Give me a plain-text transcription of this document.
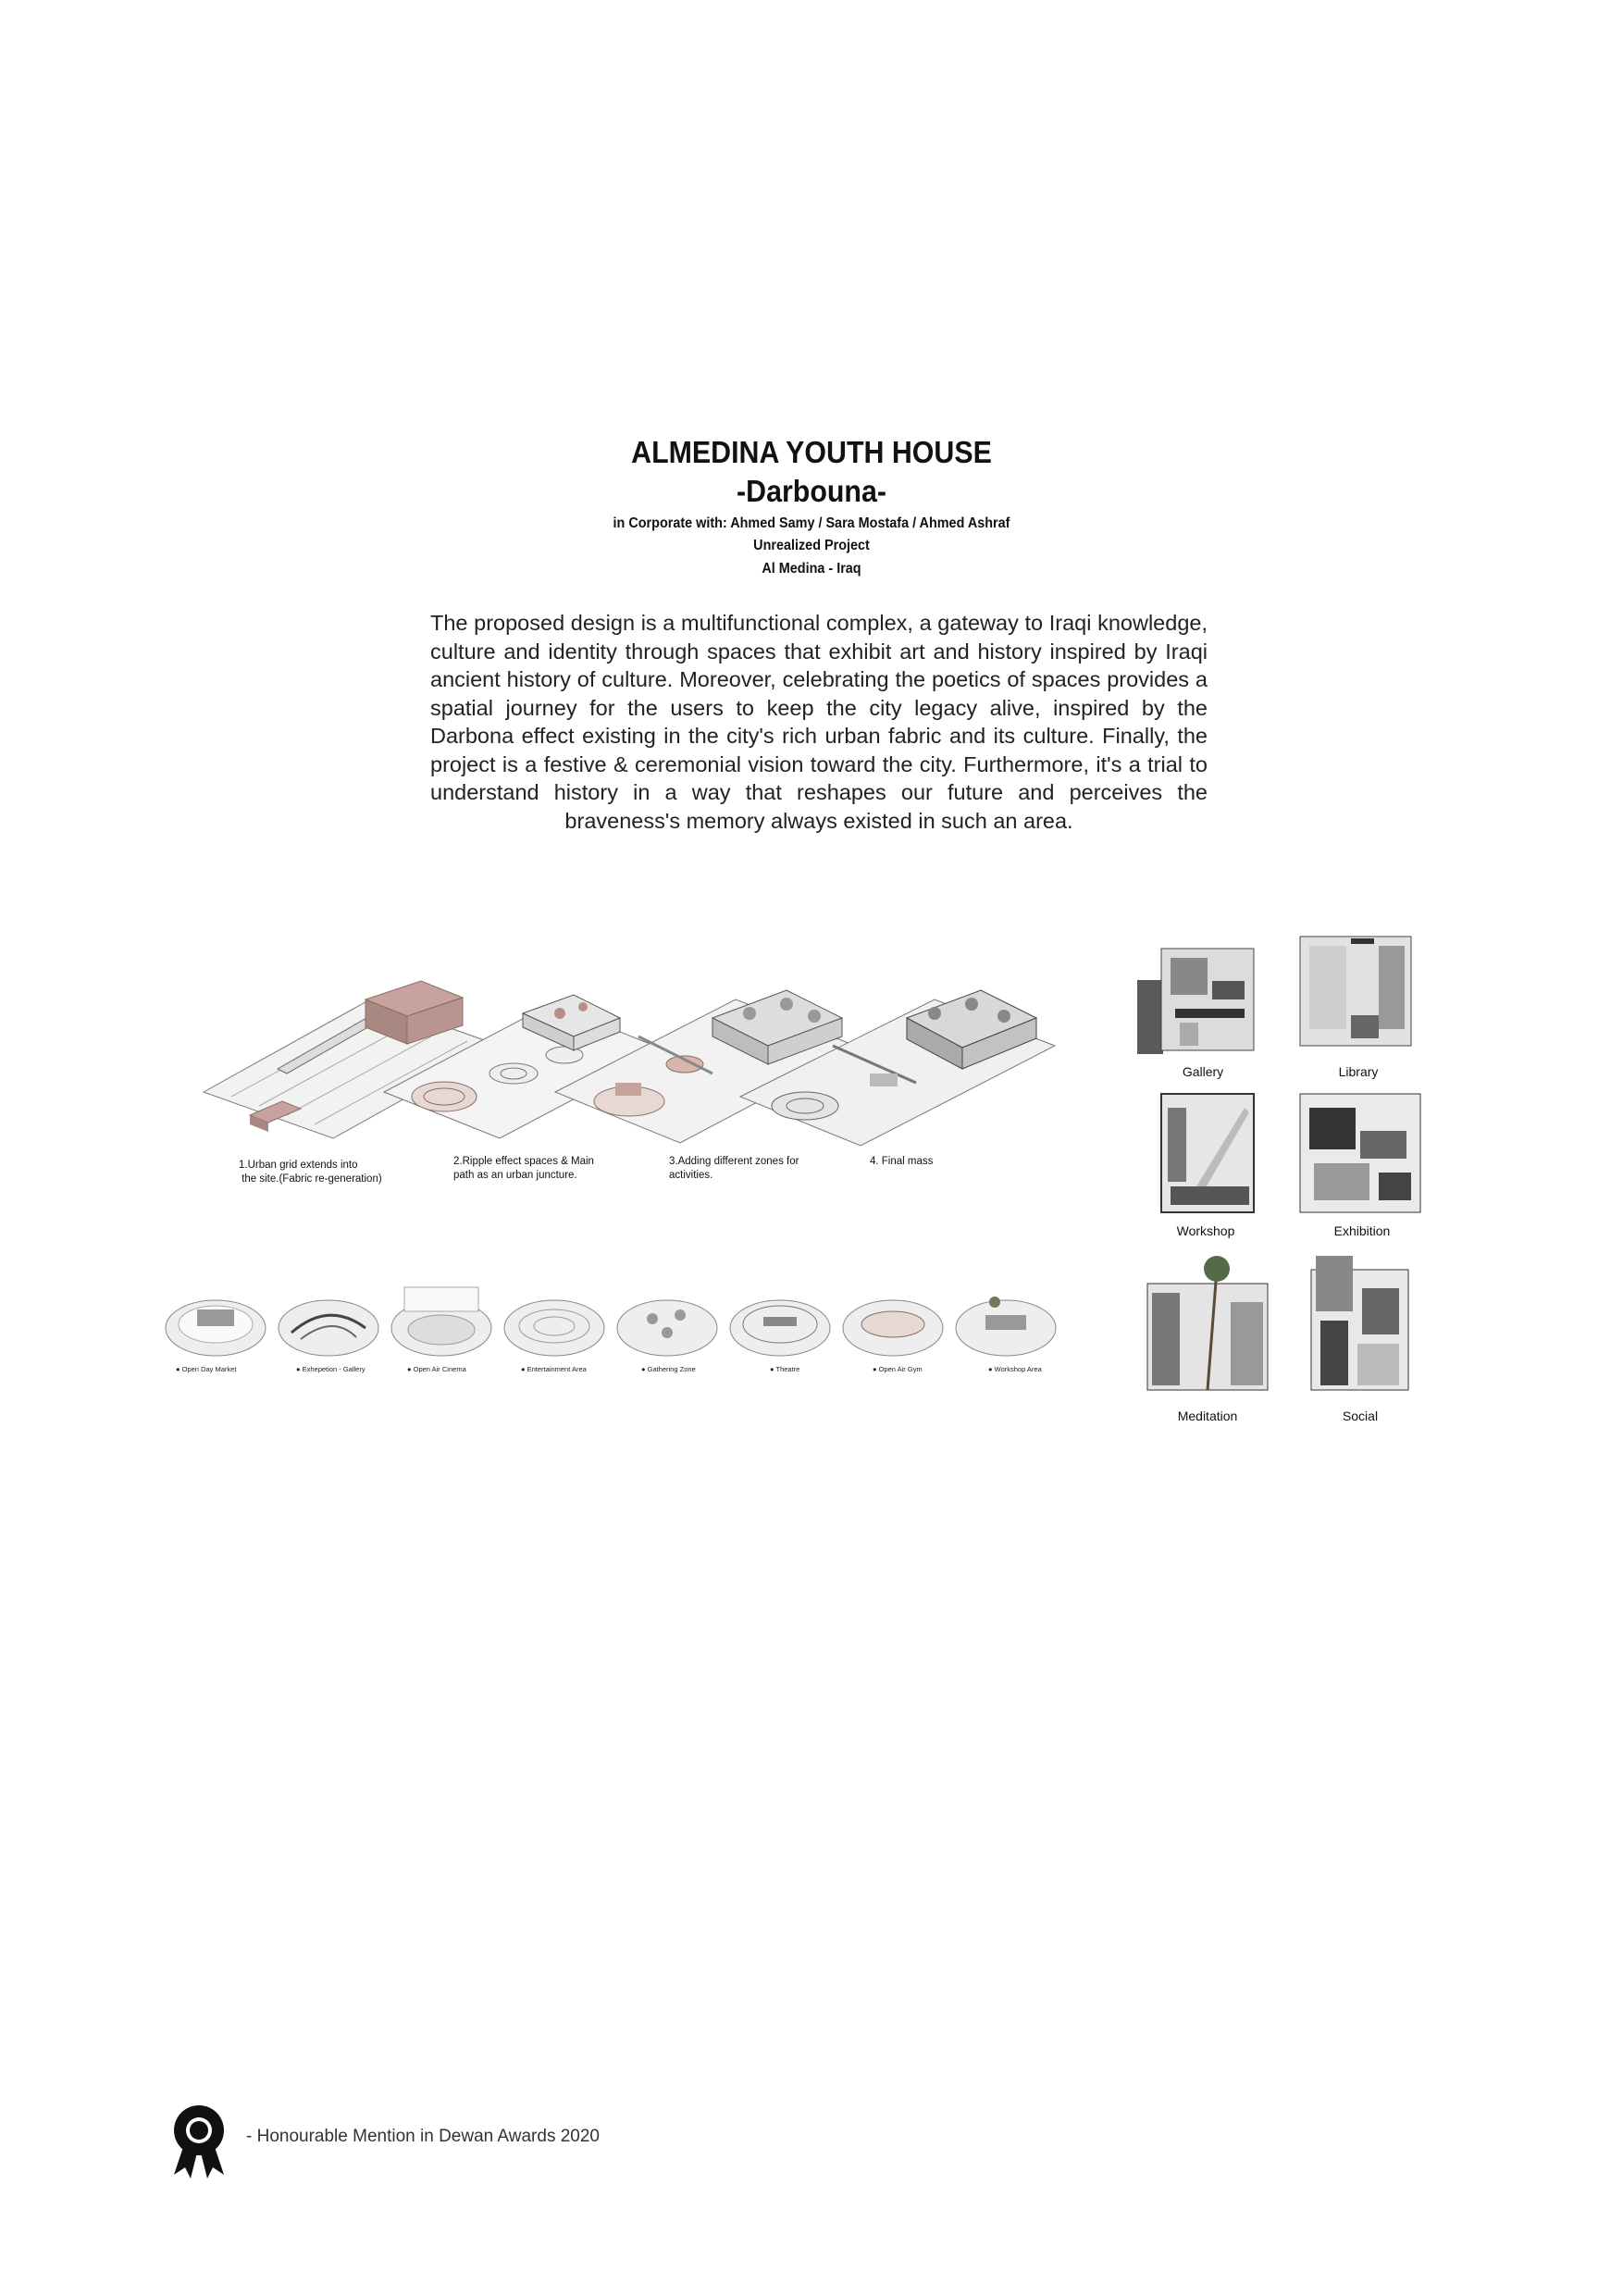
ALMEDINA YOUTH HOUSE
-Darbouna-
in Corporate with: Ahmed Samy / Sara Mostafa / Ahmed Ashraf
Unrealized Project
Al Medina - Iraq
The proposed design is a multifunctional complex, a gateway to Iraqi knowledge, culture and identity through spaces that exhibit art and history inspired by Iraqi ancient history of culture. Moreover, celebrating the poetics of spaces provides a spatial journey for the users to keep the city legacy alive, inspired by the Darbona effect existing in the city's rich urban fabric and its culture. Finally, the project is a festive & ceremonial vision toward the city. Furthermore, it's a trial to understand history in a way that reshapes our future and perceives the braveness's memory always existed in such an area.
1.Urban grid extends into
the site.(Fabric re-generation)
2.Ripple effect spaces & Main
path as an urban juncture.
3.Adding different zones for
activities.
4. Final mass
● Open Day Market	● Exhepetion - Gallery	● Open Air Cinema	● Entertainment Area	● Gathering Zone	● Theatre	● Open Air Gym	● Workshop Area
Gallery	Library
Workshop	Exhibition
Meditation	Social
- Honourable Mention in Dewan Awards 2020
